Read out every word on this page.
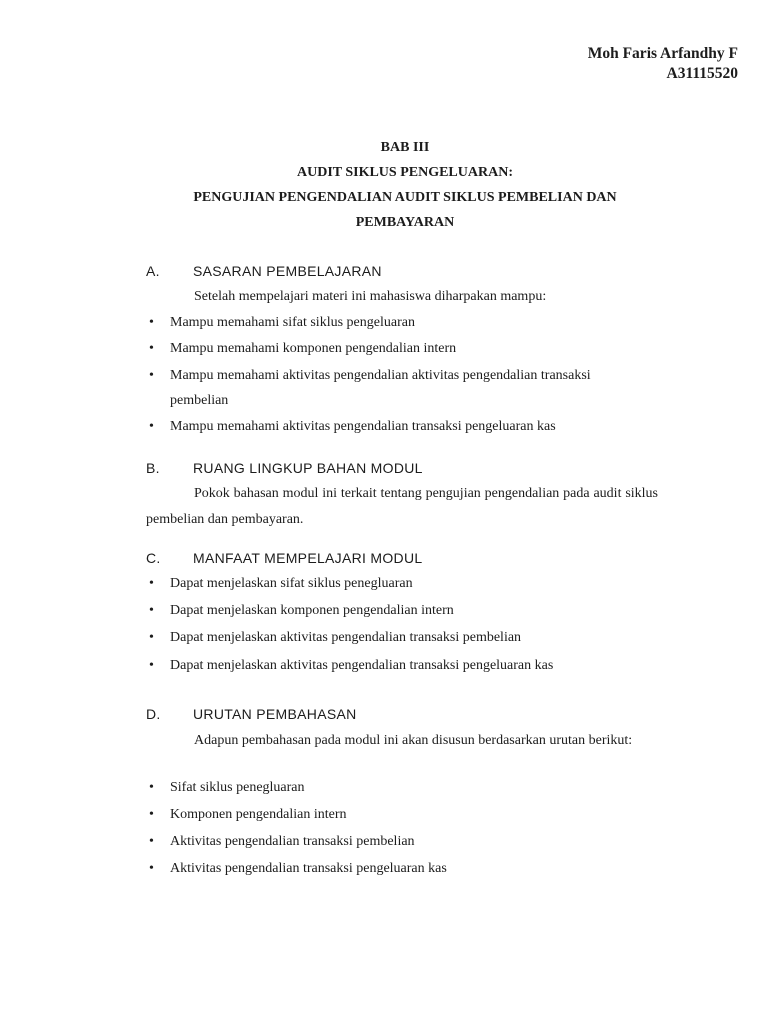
Moh Faris Arfandhy F
A31115520
BAB III
AUDIT SIKLUS PENGELUARAN:
PENGUJIAN PENGENDALIAN AUDIT SIKLUS PEMBELIAN DAN
PEMBAYARAN
A. SASARAN PEMBELAJARAN
Setelah mempelajari materi ini mahasiswa diharpakan mampu:
• Mampu memahami sifat siklus pengeluaran
• Mampu memahami komponen pengendalian intern
• Mampu memahami aktivitas pengendalian aktivitas pengendalian transaksi
pembelian
• Mampu memahami aktivitas pengendalian transaksi pengeluaran kas
B. RUANG LINGKUP BAHAN MODUL
Pokok bahasan modul ini terkait tentang pengujian pengendalian pada audit siklus pembelian dan pembayaran.
C. MANFAAT MEMPELAJARI MODUL
• Dapat menjelaskan sifat siklus penegluaran
• Dapat menjelaskan komponen pengendalian intern
• Dapat menjelaskan aktivitas pengendalian transaksi pembelian
• Dapat menjelaskan aktivitas pengendalian transaksi pengeluaran kas
D. URUTAN PEMBAHASAN
Adapun pembahasan pada modul ini akan disusun berdasarkan urutan berikut:
• Sifat siklus penegluaran
• Komponen pengendalian intern
• Aktivitas pengendalian transaksi pembelian
• Aktivitas pengendalian transaksi pengeluaran kas
